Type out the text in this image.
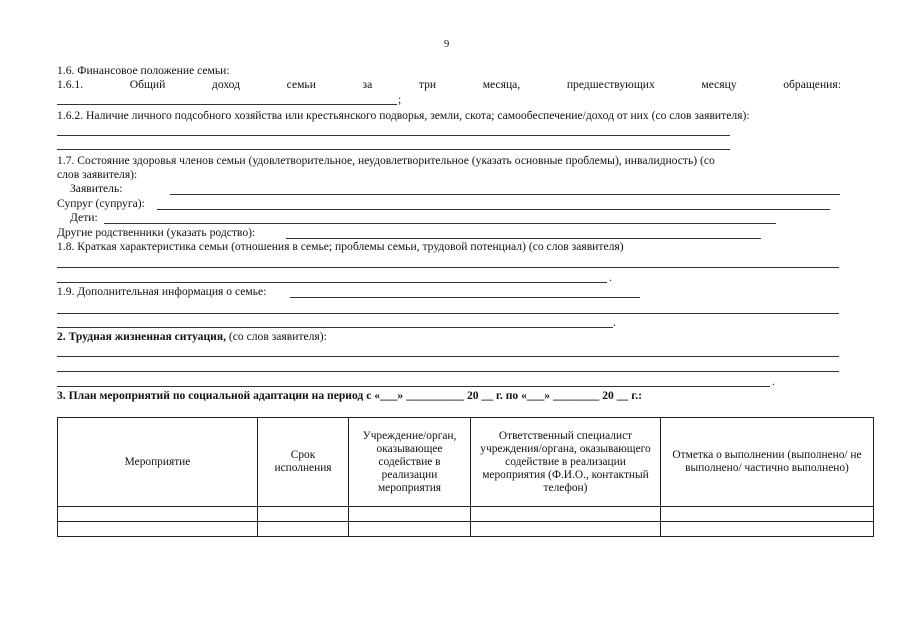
9
1.6. Финансовое положение семьи:
1.6.1.	Общий	доход	семьи	за	три	месяца,	предшествующих	месяцу	обращения:
;
1.6.2. Наличие личного подсобного хозяйства или крестьянского подворья, земли, скота; самообеспечение/доход от них (со слов заявителя):
1.7. Состояние здоровья членов семьи (удовлетворительное, неудовлетворительное (указать основные проблемы), инвалидность) (со
слов заявителя):
Заявитель:
Супруг (супруга):
Дети:
Другие родственники (указать родство):
1.8. Краткая характеристика семьи (отношения в семье; проблемы семьи, трудовой потенциал) (со слов заявителя)
.
1.9. Дополнительная информация о семье:
.
2. Трудная жизненная ситуация, (со слов заявителя):
.
3. План мероприятий по социальной адаптации на период с «___» __________ 20 __ г. по «___» ________ 20 __ г.:
Мероприятие	Срок исполнения	Учреждение/орган, оказывающее содействие в реализации мероприятия	Ответственный специалист учреждения/органа, оказывающего содействие в реализации мероприятия (Ф.И.О., контактный телефон)	Отметка о выполнении (выполнено/ не выполнено/ частично выполнено)
